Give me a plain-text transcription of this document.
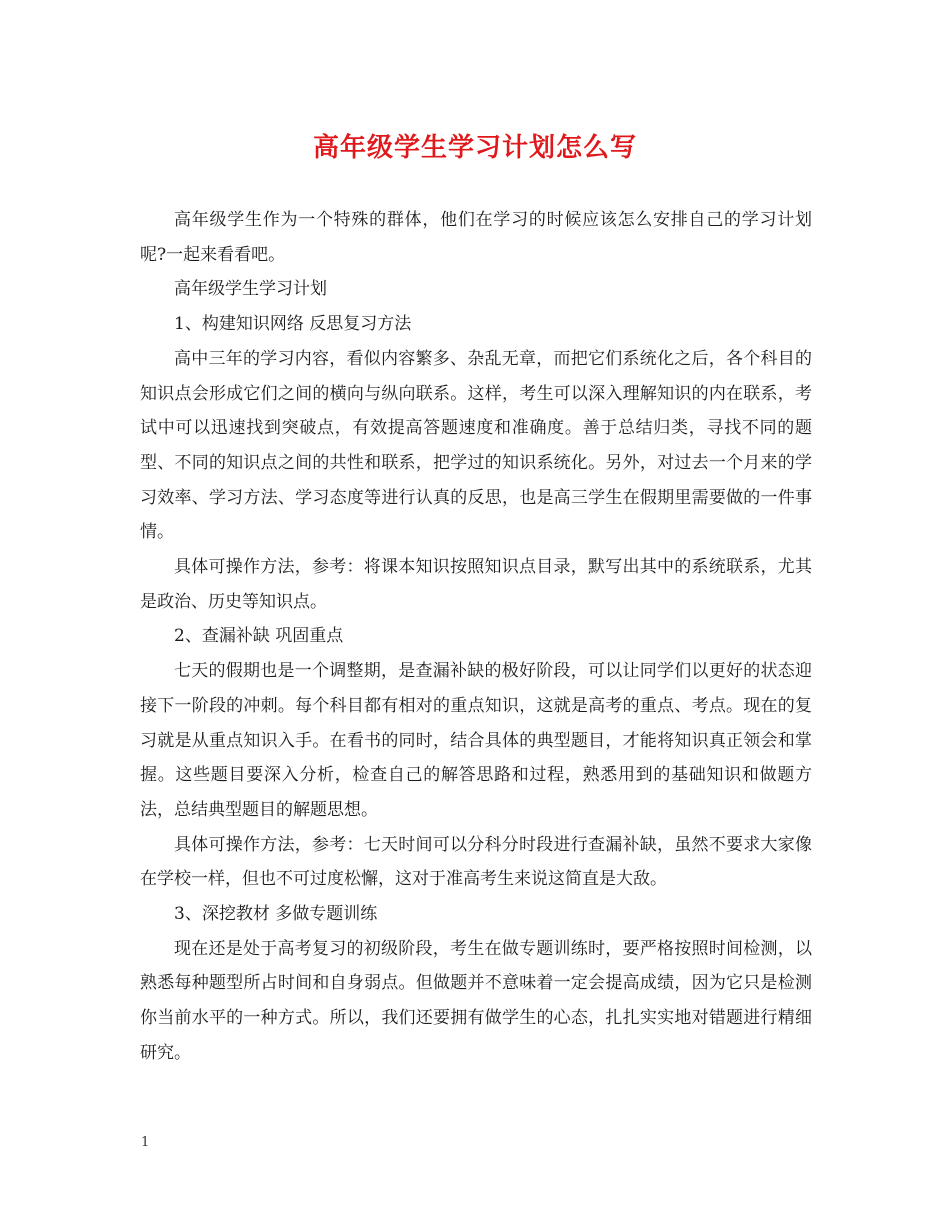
高年级学生学习计划怎么写

高年级学生作为一个特殊的群体，他们在学习的时候应该怎么安排自己的学习计划呢?一起来看看吧。

高年级学生学习计划

1、构建知识网络 反思复习方法

高中三年的学习内容，看似内容繁多、杂乱无章，而把它们系统化之后，各个科目的知识点会形成它们之间的横向与纵向联系。这样，考生可以深入理解知识的内在联系，考试中可以迅速找到突破点，有效提高答题速度和准确度。善于总结归类，寻找不同的题型、不同的知识点之间的共性和联系，把学过的知识系统化。另外，对过去一个月来的学习效率、学习方法、学习态度等进行认真的反思，也是高三学生在假期里需要做的一件事情。

具体可操作方法，参考：将课本知识按照知识点目录，默写出其中的系统联系，尤其是政治、历史等知识点。

2、查漏补缺 巩固重点

七天的假期也是一个调整期，是查漏补缺的极好阶段，可以让同学们以更好的状态迎接下一阶段的冲刺。每个科目都有相对的重点知识，这就是高考的重点、考点。现在的复习就是从重点知识入手。在看书的同时，结合具体的典型题目，才能将知识真正领会和掌握。这些题目要深入分析，检查自己的解答思路和过程，熟悉用到的基础知识和做题方法，总结典型题目的解题思想。

具体可操作方法，参考：七天时间可以分科分时段进行查漏补缺，虽然不要求大家像在学校一样，但也不可过度松懈，这对于准高考生来说这简直是大敌。

3、深挖教材 多做专题训练

现在还是处于高考复习的初级阶段，考生在做专题训练时，要严格按照时间检测，以熟悉每种题型所占时间和自身弱点。但做题并不意味着一定会提高成绩，因为它只是检测你当前水平的一种方式。所以，我们还要拥有做学生的心态，扎扎实实地对错题进行精细研究。

1
